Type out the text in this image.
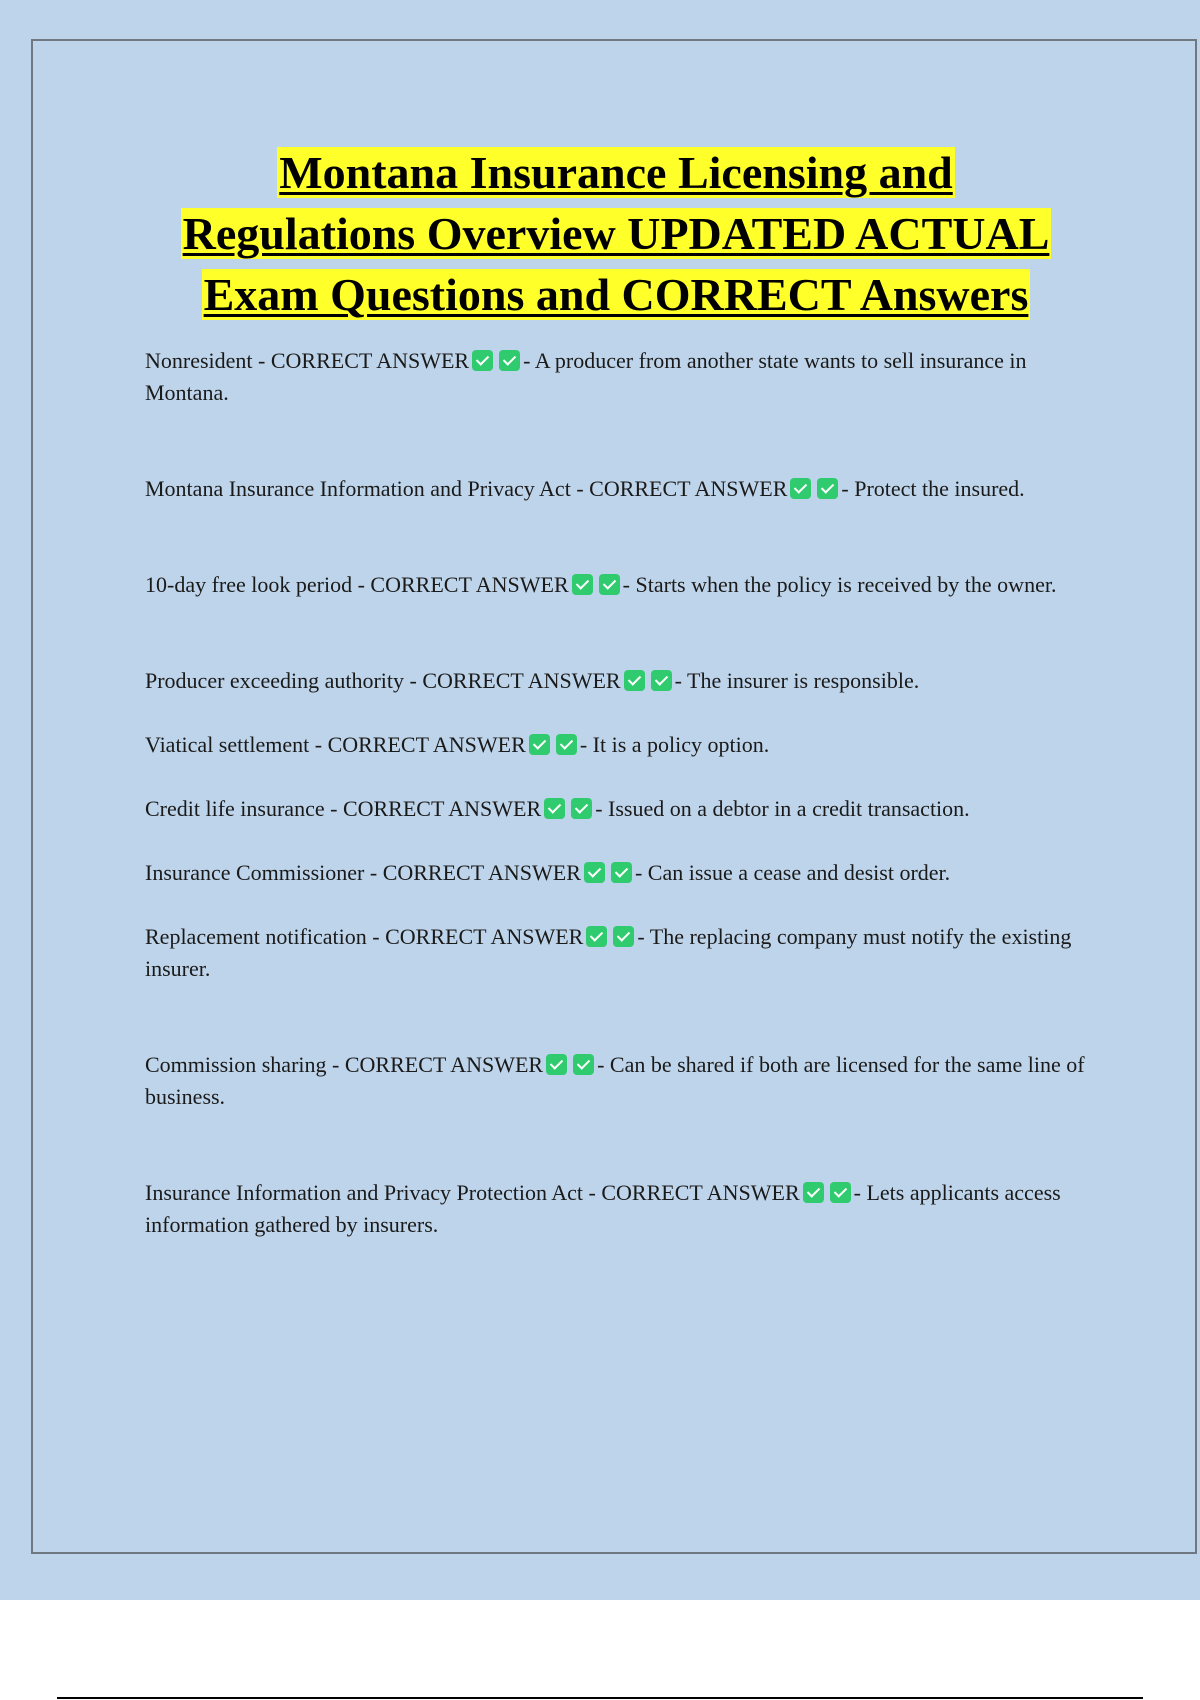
Montana Insurance Licensing and
Regulations Overview UPDATED ACTUAL
Exam Questions and CORRECT Answers
Nonresident - CORRECT ANSWER - A producer from another state wants to sell insurance in Montana.
Montana Insurance Information and Privacy Act - CORRECT ANSWER - Protect the insured.
10-day free look period - CORRECT ANSWER - Starts when the policy is received by the owner.
Producer exceeding authority - CORRECT ANSWER - The insurer is responsible.
Viatical settlement - CORRECT ANSWER - It is a policy option.
Credit life insurance - CORRECT ANSWER - Issued on a debtor in a credit transaction.
Insurance Commissioner - CORRECT ANSWER - Can issue a cease and desist order.
Replacement notification - CORRECT ANSWER - The replacing company must notify the existing insurer.
Commission sharing - CORRECT ANSWER - Can be shared if both are licensed for the same line of business.
Insurance Information and Privacy Protection Act - CORRECT ANSWER - Lets applicants access information gathered by insurers.
